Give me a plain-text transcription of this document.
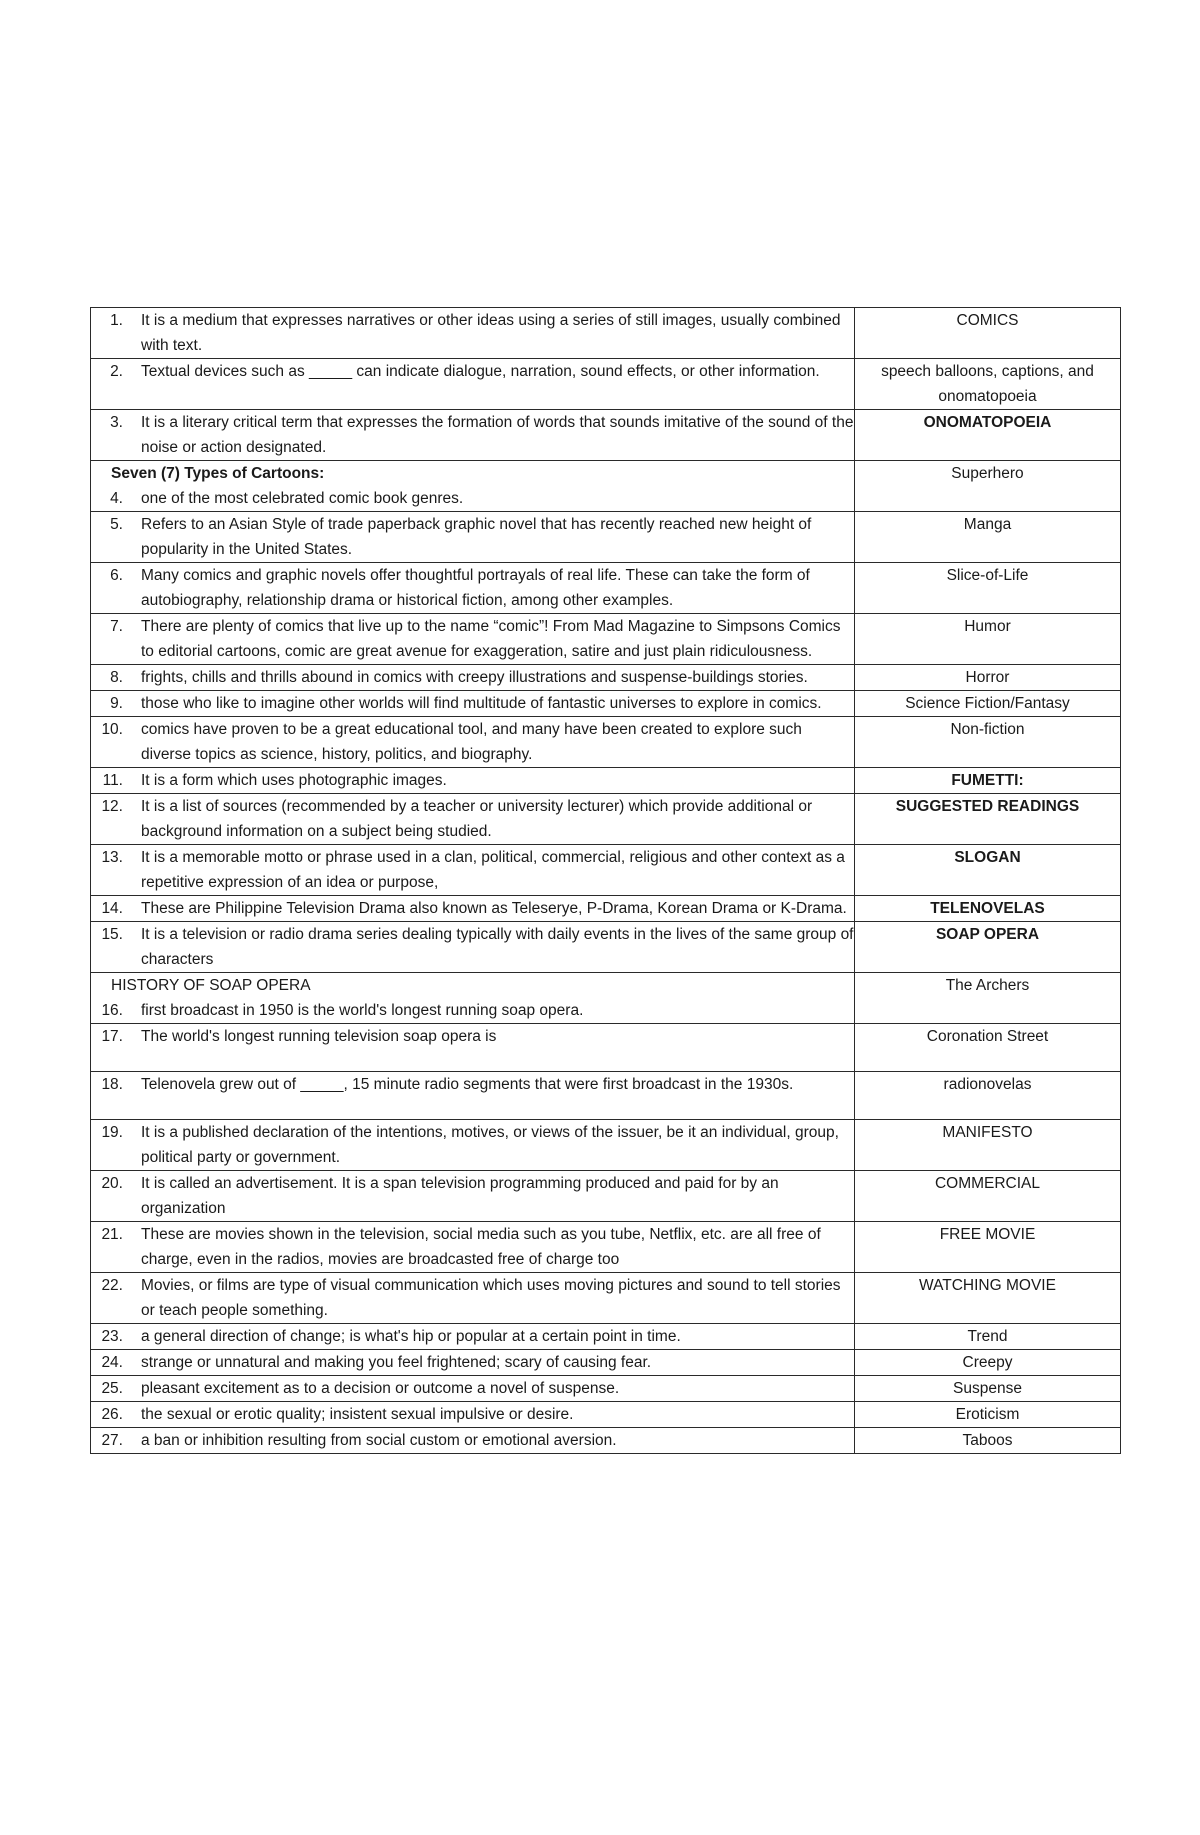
1. It is a medium that expresses narratives or other ideas using a series of still images, usually combined with text.	COMICS

2. Textual devices such as _____ can indicate dialogue, narration, sound effects, or other information.	speech balloons, captions, and onomatopoeia

3. It is a literary critical term that expresses the formation of words that sounds imitative of the sound of the noise or action designated.	ONOMATOPOEIA

Seven (7) Types of Cartoons:
4. one of the most celebrated comic book genres.	Superhero

5. Refers to an Asian Style of trade paperback graphic novel that has recently reached new height of popularity in the United States.	Manga

6. Many comics and graphic novels offer thoughtful portrayals of real life. These can take the form of autobiography, relationship drama or historical fiction, among other examples.	Slice-of-Life

7. There are plenty of comics that live up to the name “comic”! From Mad Magazine to Simpsons Comics to editorial cartoons, comic are great avenue for exaggeration, satire and just plain ridiculousness.	Humor

8. frights, chills and thrills abound in comics with creepy illustrations and suspense-buildings stories.	Horror

9. those who like to imagine other worlds will find multitude of fantastic universes to explore in comics.	Science Fiction/Fantasy

10. comics have proven to be a great educational tool, and many have been created to explore such diverse topics as science, history, politics, and biography.	Non-fiction

11. It is a form which uses photographic images.	FUMETTI:

12. It is a list of sources (recommended by a teacher or university lecturer) which provide additional or background information on a subject being studied.	SUGGESTED READINGS

13. It is a memorable motto or phrase used in a clan, political, commercial, religious and other context as a repetitive expression of an idea or purpose,	SLOGAN

14. These are Philippine Television Drama also known as Teleserye, P-Drama, Korean Drama or K-Drama.	TELENOVELAS

15. It is a television or radio drama series dealing typically with daily events in the lives of the same group of characters	SOAP OPERA

HISTORY OF SOAP OPERA
16. first broadcast in 1950 is the world's longest running soap opera.	The Archers

17. The world's longest running television soap opera is	Coronation Street

18. Telenovela grew out of _____, 15 minute radio segments that were first broadcast in the 1930s.	radionovelas

19. It is a published declaration of the intentions, motives, or views of the issuer, be it an individual, group, political party or government.	MANIFESTO

20. It is called an advertisement. It is a span television programming produced and paid for by an organization	COMMERCIAL

21. These are movies shown in the television, social media such as you tube, Netflix, etc. are all free of charge, even in the radios, movies are broadcasted free of charge too	FREE MOVIE

22. Movies, or films are type of visual communication which uses moving pictures and sound to tell stories or teach people something.	WATCHING MOVIE

23. a general direction of change; is what's hip or popular at a certain point in time.	Trend

24. strange or unnatural and making you feel frightened; scary of causing fear.	Creepy

25. pleasant excitement as to a decision or outcome a novel of suspense.	Suspense

26. the sexual or erotic quality; insistent sexual impulsive or desire.	Eroticism

27. a ban or inhibition resulting from social custom or emotional aversion.	Taboos
